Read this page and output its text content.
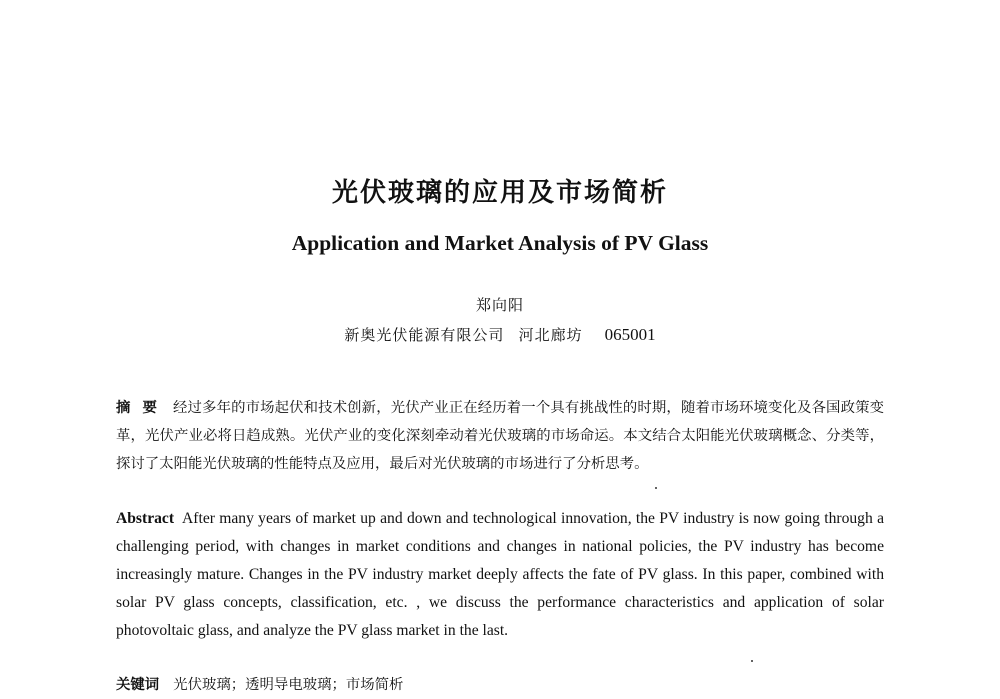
光伏玻璃的应用及市场简析
Application and Market Analysis of PV Glass
郑向阳
新奥光伏能源有限公司 河北廊坊 065001

摘要 经过多年的市场起伏和技术创新，光伏产业正在经历着一个具有挑战性的时期，随着市场环境变化及各国政策变革，光伏产业必将日趋成熟。光伏产业的变化深刻牵动着光伏玻璃的市场命运。本文结合太阳能光伏玻璃概念、分类等，探讨了太阳能光伏玻璃的性能特点及应用，最后对光伏玻璃的市场进行了分析思考。

Abstract After many years of market up and down and technological innovation, the PV industry is now going through a challenging period, with changes in market conditions and changes in national policies, the PV industry has become increasingly mature. Changes in the PV industry market deeply affects the fate of PV glass. In this paper, combined with solar PV glass concepts, classification, etc. , we discuss the performance characteristics and application of solar photovoltaic glass, and analyze the PV glass market in the last.

关键词 光伏玻璃；透明导电玻璃；市场简析
